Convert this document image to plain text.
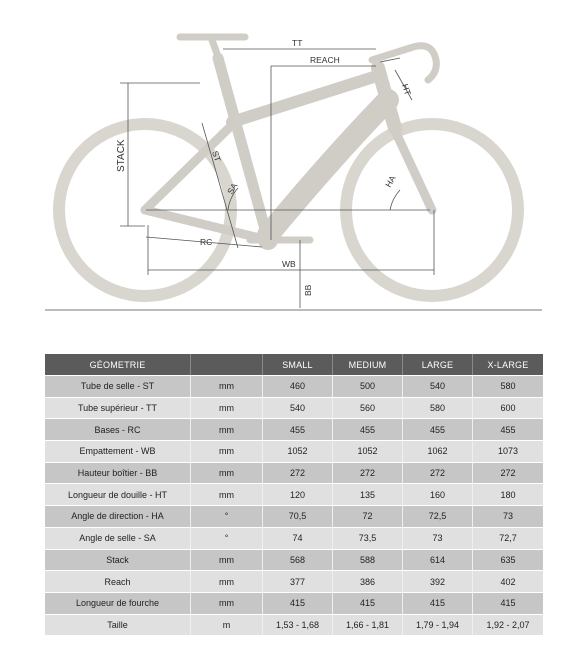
TT
REACH
HT
STACK	ST
SA	HA
RC
WB
BB
GÉOMETRIE		SMALL	MEDIUM	LARGE	X-LARGE
Tube de selle - ST	mm	460	500	540	580
Tube supérieur - TT	mm	540	560	580	600
Bases - RC	mm	455	455	455	455
Empattement - WB	mm	1052	1052	1062	1073
Hauteur boîtier - BB	mm	272	272	272	272
Longueur de douille - HT	mm	120	135	160	180
Angle de direction - HA	°	70,5	72	72,5	73
Angle de selle - SA	°	74	73,5	73	72,7
Stack	mm	568	588	614	635
Reach	mm	377	386	392	402
Longueur de fourche	mm	415	415	415	415
Taille	m	1,53 - 1,68	1,66 - 1,81	1,79 - 1,94	1,92 - 2,07
